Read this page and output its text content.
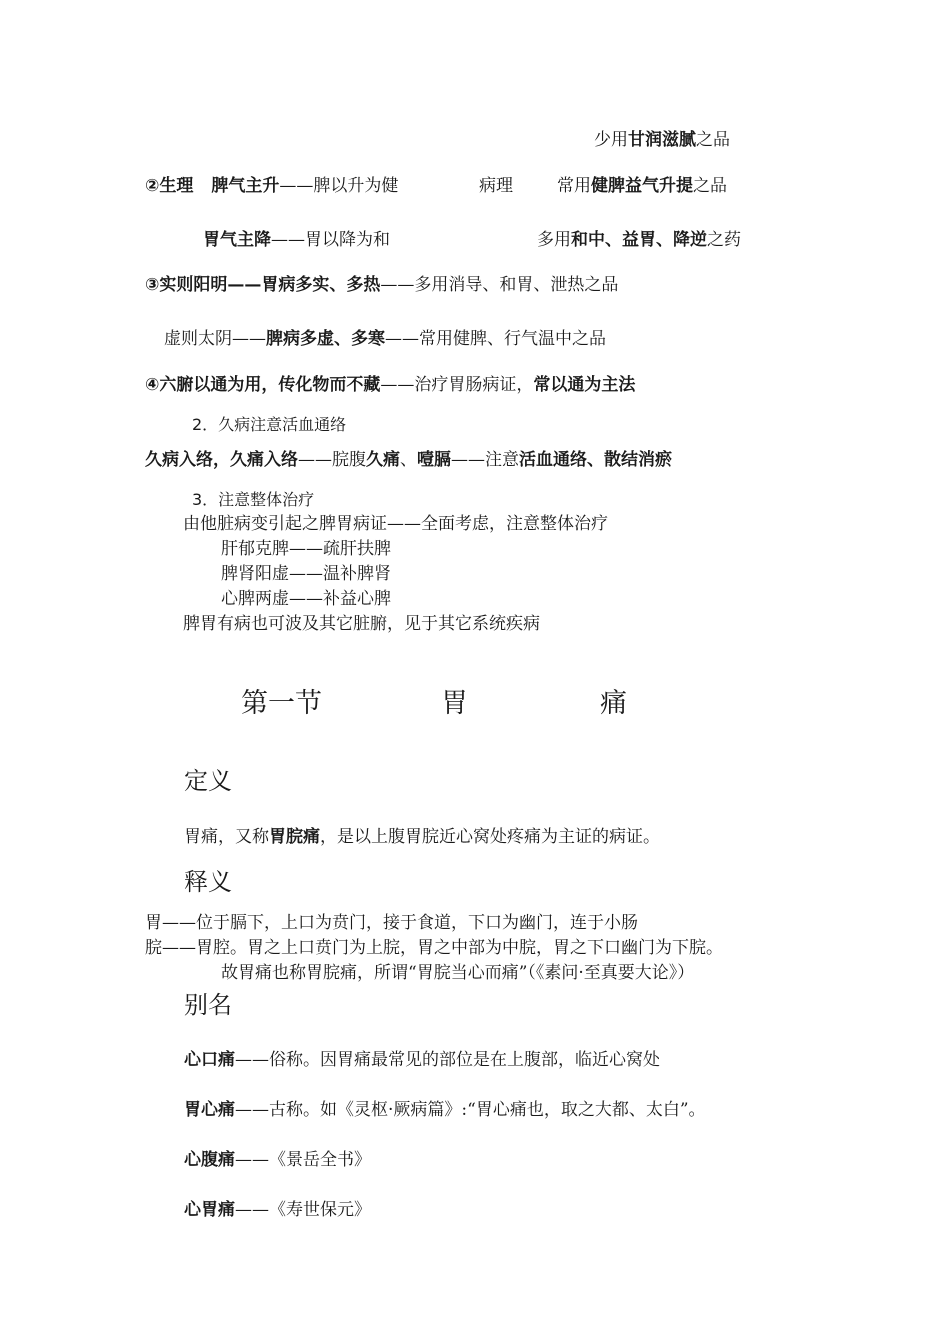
少用甘润滋腻之品
②生理 脾气主升——脾以升为健	病理	常用健脾益气升提之品
胃气主降——胃以降为和	多用和中、益胃、降逆之药
③实则阳明——胃病多实、多热——多用消导、和胃、泄热之品
虚则太阴——脾病多虚、多寒——常用健脾、行气温中之品
④六腑以通为用，传化物而不藏——治疗胃肠病证，常以通为主法
2．久病注意活血通络
久病入络，久痛入络——脘腹久痛、噎膈——注意活血通络、散结消瘀
3．注意整体治疗
由他脏病变引起之脾胃病证——全面考虑，注意整体治疗
肝郁克脾——疏肝扶脾
脾肾阳虚——温补脾肾
心脾两虚——补益心脾
脾胃有病也可波及其它脏腑，见于其它系统疾病
第一节	胃	痛
定义
胃痛，又称胃脘痛，是以上腹胃脘近心窝处疼痛为主证的病证。
释义
胃——位于膈下，上口为贲门，接于食道，下口为幽门，连于小肠
脘——胃腔。胃之上口贲门为上脘，胃之中部为中脘，胃之下口幽门为下脘。
故胃痛也称胃脘痛，所谓“胃脘当心而痛”（《素问·至真要大论》）
别名
心口痛——俗称。因胃痛最常见的部位是在上腹部，临近心窝处
胃心痛——古称。如《灵枢·厥病篇》:“胃心痛也，取之大都、太白”。
心腹痛——《景岳全书》
心胃痛——《寿世保元》
